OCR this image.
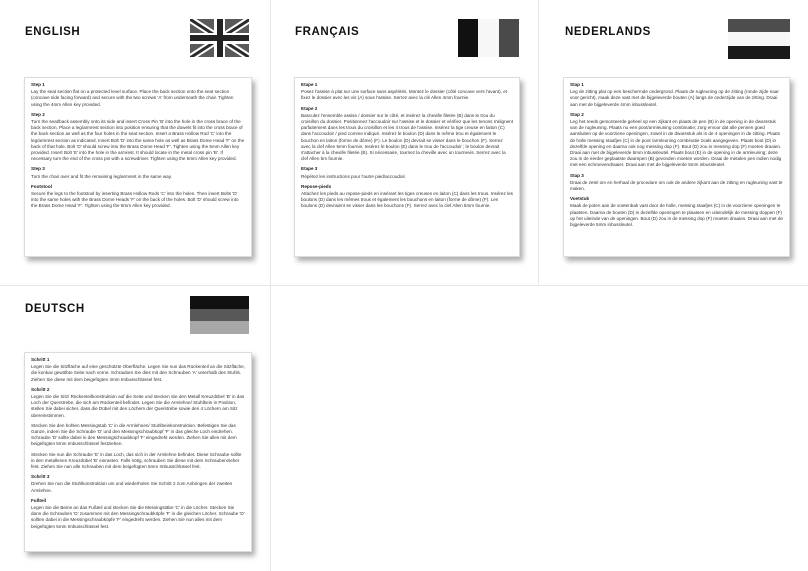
ENGLISH
Step 1

Lay the seat section flat on a protected level surface. Place the back section onto the seat section (concave side facing forward) and secure with the two screws 'A' from underneath the chair. Tighten using the 4mm Allen key provided.

Step 2

Turn the seat/back assembly onto its side and insert Cross Pin 'B' into the hole in the cross brace of the back section. Place a leg/armrest section into position ensuring that the dowels fit into the cross brace of the back section as well as the four holes in the seat section. Insert a Brass Hollow Rod 'C' into the leg/armrest section as indicated. Insert Bolt 'D' into the same hole as well as Brass Dome Head 'F' on the back of that hole. Bolt 'D' should screw into the Brass Dome Head 'F'. Tighten using the 5mm Allen key provided. Insert Bolt 'E' into the hole in the armrest. It should locate in the metal cross pin 'B'. If necessary turn the end of the cross pin with a screwdriver. Tighten using the 5mm Allen key provided.

Step 3

Turn the chair over and fit the remaining leg/armrest in the same way.

Footstool

Secure the legs to the footstool by inserting Brass Hollow Rods 'C' into the holes. Then insert Bolts 'D' into the same holes with the Brass Dome Heads 'F' on the back of the holes. Bolt 'D' should screw into the Brass Dome Head 'F'. Tighten using the 5mm Allen key provided.

FRANÇAIS
Etape 1

Posez l'assise à plat sur une surface sans aspérités. Montez le dossier (côté concave vers l'avant), et fixez le dossier avec les vis (A) sous l'assise. Serrez avec la clé Allen 4mm fournie.

Etape 2

Basculez l'ensemble assise / dossier sur le côté, et insérez la cheville filetée (B) dans le trou du croisillon du dossier. Positionnez l'accoudoir sur l'assise et le dossier et vérifiez que les tenons s'alignent parfaitement dans les trous du croisillon et les 4 trous de l'assise. Insérez la tige creuse en laiton (C) dans l'accoudoir / pied comme indiqué. Insérez le boulon (D) dans le même trou et également le bouchon en laiton (forme de dôme) (F). Le boulon (D) devrait se visser dans le bouchon (F). Serrez avec la clef Allen 5mm fournie. Insérez le boulon (E) dans le trou de l'accoudoir ; le boulon devrait s'attacher à la cheville filetée (B). Si nécessaire, tournez la cheville avec un tournevis. Serrez avec la clef Allen 5m fournie.

Etape 3

Répétez les instructions pour l'autre pied/accoudoir.

Repose-pieds

Attachez les pieds au repose-pieds en insérant les tiges creuses en laiton (C) dans les trous. Insérez les boulons (D) dans les mêmes trous et également les bouchons en laiton (forme de dôme) (F). Les boulons (D) devraient se visser dans les bouchons (F). Serrez avec la clef Allen 5mm fournie.

NEDERLANDS
Stap 1

Leg de zitting plat op een beschermde ondergrond. Plaats de rugleuning op de zitting (ronde zijde naar voor gericht), maak deze vast met de bijgeleverde bouten (A) langs de onderzijde van de zitting. Draai aan met de bijgeleverde 4mm inbussleutel.

Stap 2

Leg het reeds gemonteerde geheel op een zijkant en plaats de pen (B) in de opening in de dwarsstuk van de rugleuning. Plaats nu een poot/armleuning combinatie; zorg ervoor dat alle pennen goed aansluiten op de voorziene openingen, zowel in de dwarsstuk als in de 4 openingen in de zitting. Plaats de holle messing staafjes (C) in de poot /armleuning combinatie zoals aangegeven. Plaats bout (D) in dezelfde opening en daarna ook nog messing dop (F). Bout (D) zou in messing dop (F) moeten draaien. Draai aan met de bijgeleverde 5mm inbussleutel. Plaats bout (E) in de opening in de armleuning; deze zou in de eerder geplaatste dwarspen (B) gevonden moeten worden. Draai de metalen pen indien nodig met een schroevendraaier. Draai aan met de bijgeleverde 5mm inbussleutel.

Stap 3

Draai de zetel om en herhaal de procedure om ook de andere zijkant aan de zitting en rugleuning vast te maken.

Voetstuk

Maak de poten aan de voetenbak vast door de holle, messing staafjes (C) in de voorziene openingen te plaatsen. Daarna de bouten (D) in dezelfde openingen te plaatsen en uiteindelijk de messing doppen (F) op het uiteinde van de openingen. Bout (D) zou in de messing dop (F) moeten draaien. Draai aan met de bijgeleverde 5mm inbussleutel.

DEUTSCH
Schritt 1

Legen Sie die Sitzfläche auf eine geschützte Oberfläche. Legen Sie nun das Rückenteil an die Sitzfläche, die konkav gewölbte Seite nach vorne. Schrauben Sie dies mit den Schrauben 'A' unterhalb des Stuhls. Ziehen Sie diese mit dem beigefügten 4mm Imbusschlüssel fest.

Schritt 2

Legen Sie die Sitz/ Rückenteilkonstruktion auf die Seite und stecken Sie den Metall Kreuzdübel 'B' in das Loch der Querstrebe, die sich am Rückenteil befindet. Legen Sie die Armlehne/ Stuhlbein in Position, stellen Sie dabei sicher, dass die Dübel mit den Löchern der Querstrebe sowie den 4 Löchern am Sitz übereinstimmen.

Stecken Sie den hohlen Messingstab 'C' in die Armlehnen/ Stuhlbeinkonstruktion. Befestigen Sie das Ganze, indem Sie die Schraube 'D' und den Messingschraubkopf 'F' in das gleiche Loch eindrehen. Schraube 'D' sollte dabei in den Messingschraubkopf 'F' eingedreht werden. Ziehen Sie alles mit dem beigefügten 5mm Imbusschlüssel festziehen.

Stecken Sie nun die Schraube 'E' in das Loch, das sich in der Armlehne befindet. Diese Schraube sollte in den metallenen Kreuzdübel 'B' einrasten. Falls nötig, schrauben Sie diese mit dem Schraubenzieher fest. Ziehen Sie nun alle Schrauben mit dem beigefügten 5mm Imbusschlüssel fest.

Schritt 3

Drehen Sie nun die Stuhlkonstruktion um und wiederholen Sie Schritt 2 zum Anbringen der zweiten Armlehne.

Fußteil

Legen Sie die Beine an das Fußteil und stecken Sie die Messingstäbe 'C' in die Löcher. Stecken Sie dann die Schrauben 'D' zusammen mit den Messingschraubköpfe 'F' in die gleichen Löcher. Schraube 'D' sollten dabei in die Messingschraubköpfe 'F' eingedreht werden. Ziehen Sie nun alles mit dem beigefügten 5mm Imbusschlüssel fest.
